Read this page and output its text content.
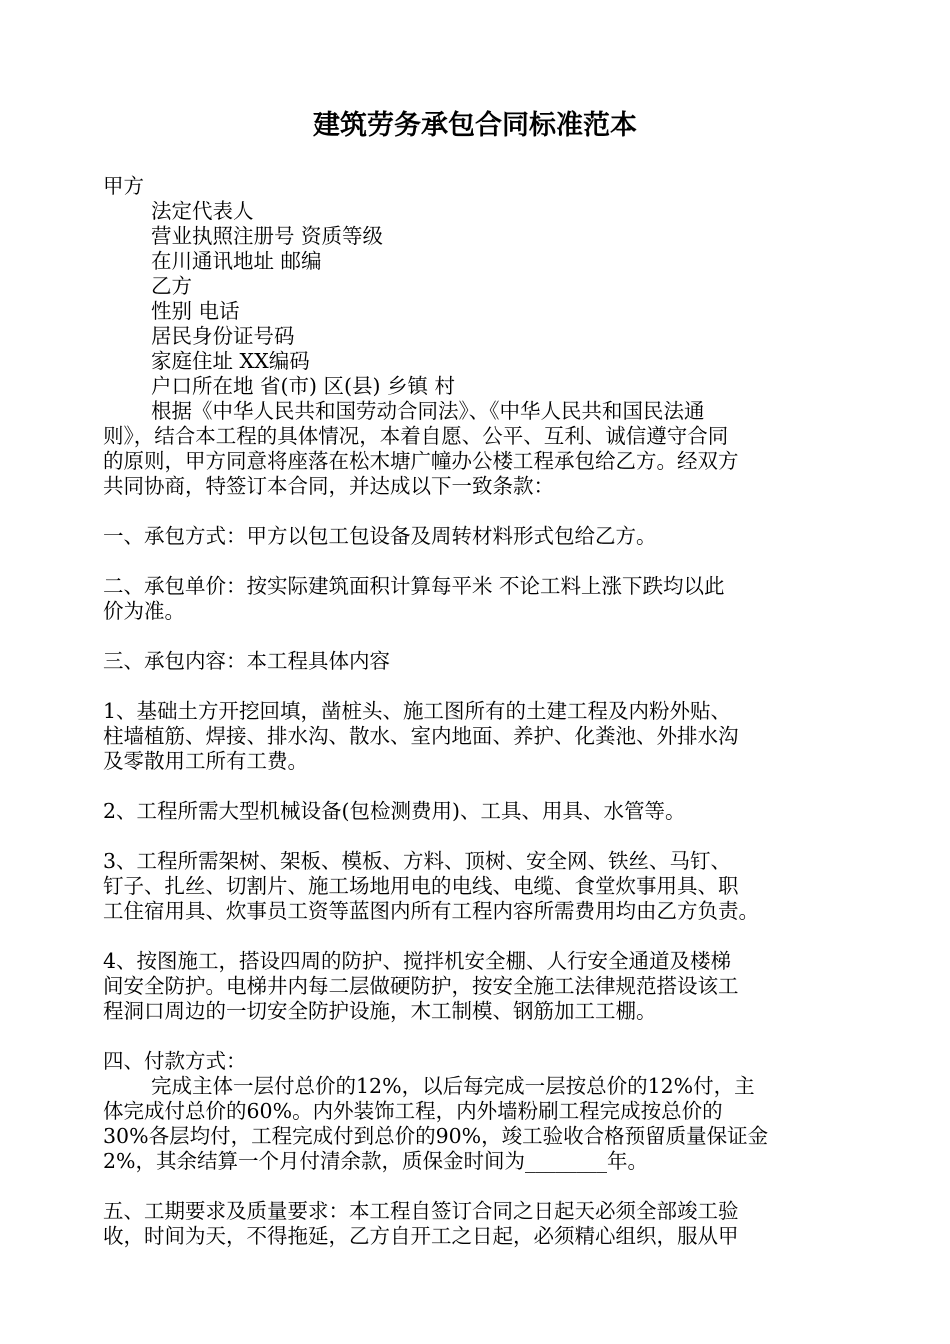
建筑劳务承包合同标准范本
甲方
法定代表人
营业执照注册号 资质等级
在川通讯地址 邮编
乙方
性别 电话
居民身份证号码
家庭住址 XX编码
户口所在地 省(市) 区(县) 乡镇 村
根据《中华人民共和国劳动合同法》、《中华人民共和国民法通
则》，结合本工程的具体情况，本着自愿、公平、互利、诚信遵守合同
的原则，甲方同意将座落在松木塘广幢办公楼工程承包给乙方。经双方
共同协商，特签订本合同，并达成以下一致条款：
一、承包方式：甲方以包工包设备及周转材料形式包给乙方。
二、承包单价：按实际建筑面积计算每平米 不论工料上涨下跌均以此
价为准。
三、承包内容：本工程具体内容
1、基础土方开挖回填，凿桩头、施工图所有的土建工程及内粉外贴、
柱墙植筋、焊接、排水沟、散水、室内地面、养护、化粪池、外排水沟
及零散用工所有工费。
2、工程所需大型机械设备(包检测费用)、工具、用具、水管等。
3、工程所需架树、架板、模板、方料、顶树、安全网、铁丝、马钉、
钉子、扎丝、切割片、施工场地用电的电线、电缆、食堂炊事用具、职
工住宿用具、炊事员工资等蓝图内所有工程内容所需费用均由乙方负责。
4、按图施工，搭设四周的防护、搅拌机安全棚、人行安全通道及楼梯
间安全防护。电梯井内每二层做硬防护，按安全施工法律规范搭设该工
程洞口周边的一切安全防护设施，木工制模、钢筋加工工棚。
四、付款方式：
完成主体一层付总价的12%，以后每完成一层按总价的12%付，主
体完成付总价的60%。内外装饰工程，内外墙粉刷工程完成按总价的
30%各层均付，工程完成付到总价的90%，竣工验收合格预留质量保证金
2%，其余结算一个月付清余款，质保金时间为________年。
五、工期要求及质量要求：本工程自签订合同之日起天必须全部竣工验
收，时间为天，不得拖延，乙方自开工之日起，必须精心组织，服从甲
